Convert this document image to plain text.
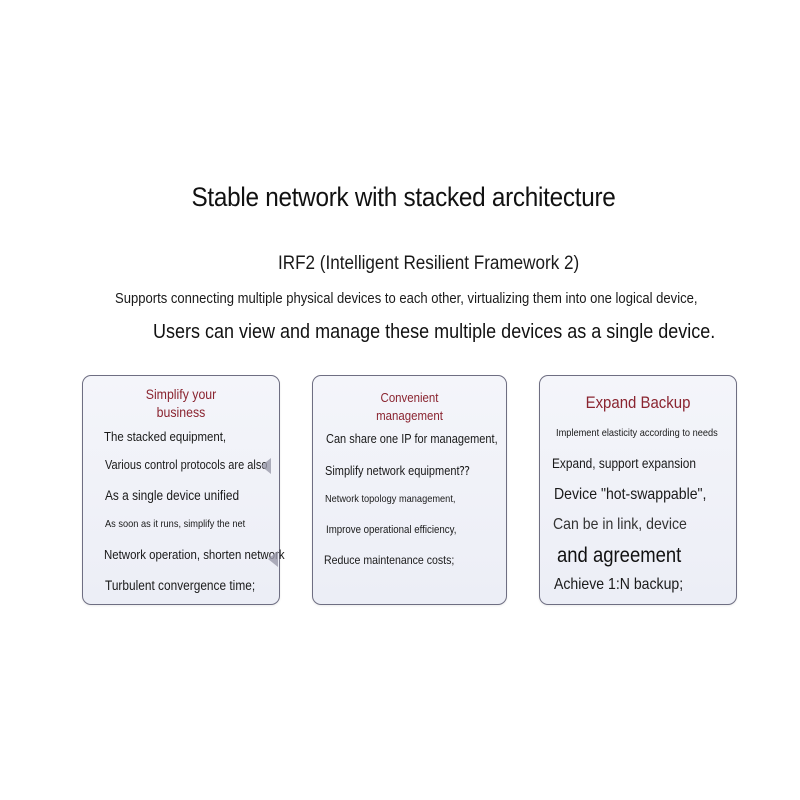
Stable network with stacked architecture
IRF2 (Intelligent Resilient Framework 2)
Supports connecting multiple physical devices to each other, virtualizing them into one logical device,
Users can view and manage these multiple devices as a single device.
Simplify your
business
The stacked equipment,
Various control protocols are also
As a single device unified
As soon as it runs, simplify the net
Network operation, shorten network
Turbulent convergence time;
Convenient
management
Can share one IP for management,
Simplify network equipment⁇
Network topology management,
Improve operational efficiency,
Reduce maintenance costs;
Expand Backup
Implement elasticity according to needs
Expand, support expansion
Device "hot-swappable",
Can be in link, device
and agreement
Achieve 1:N backup;
